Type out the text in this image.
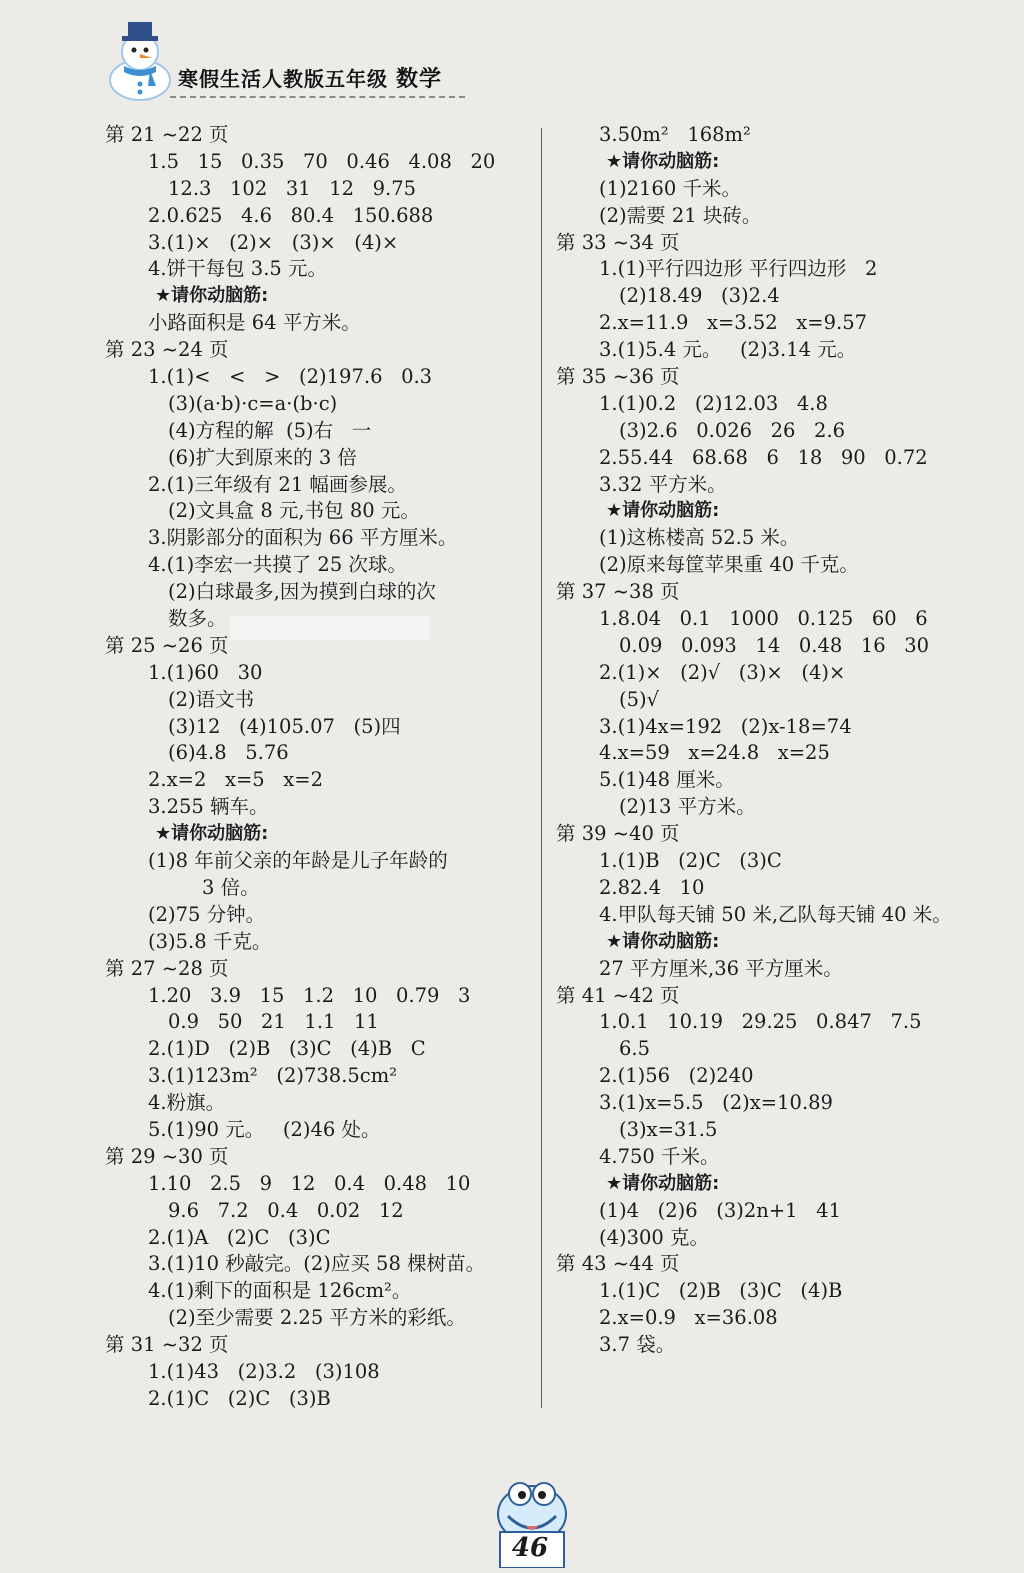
寒假生活人教版五年级 数学
第 21 ~22 页
1.5   15   0.35   70   0.46   4.08   20
12.3   102   31   12   9.75
2.0.625   4.6   80.4   150.688
3.(1)×   (2)×   (3)×   (4)×
4.饼干每包 3.5 元。
★请你动脑筋:
小路面积是 64 平方米。
第 23 ~24 页
1.(1)<   <   >   (2)197.6   0.3
(3)(a·b)·c=a·(b·c)
(4)方程的解  (5)右   一
(6)扩大到原来的 3 倍
2.(1)三年级有 21 幅画参展。
(2)文具盒 8 元,书包 80 元。
3.阴影部分的面积为 66 平方厘米。
4.(1)李宏一共摸了 25 次球。
(2)白球最多,因为摸到白球的次
数多。
第 25 ~26 页
1.(1)60   30
(2)语文书
(3)12   (4)105.07   (5)四
(6)4.8   5.76
2.x=2   x=5   x=2
3.255 辆车。
★请你动脑筋:
(1)8 年前父亲的年龄是儿子年龄的
3 倍。
(2)75 分钟。
(3)5.8 千克。
第 27 ~28 页
1.20   3.9   15   1.2   10   0.79   3
0.9   50   21   1.1   11
2.(1)D   (2)B   (3)C   (4)B   C
3.(1)123m²   (2)738.5cm²
4.粉旗。
5.(1)90 元。   (2)46 处。
第 29 ~30 页
1.10   2.5   9   12   0.4   0.48   10
9.6   7.2   0.4   0.02   12
2.(1)A   (2)C   (3)C
3.(1)10 秒敲完。(2)应买 58 棵树苗。
4.(1)剩下的面积是 126cm²。
(2)至少需要 2.25 平方米的彩纸。
第 31 ~32 页
1.(1)43   (2)3.2   (3)108
2.(1)C   (2)C   (3)B
3.50m²   168m²
★请你动脑筋:
(1)2160 千米。
(2)需要 21 块砖。
第 33 ~34 页
1.(1)平行四边形 平行四边形   2
(2)18.49   (3)2.4
2.x=11.9   x=3.52   x=9.57
3.(1)5.4 元。   (2)3.14 元。
第 35 ~36 页
1.(1)0.2   (2)12.03   4.8
(3)2.6   0.026   26   2.6
2.55.44   68.68   6   18   90   0.72
3.32 平方米。
★请你动脑筋:
(1)这栋楼高 52.5 米。
(2)原来每筐苹果重 40 千克。
第 37 ~38 页
1.8.04   0.1   1000   0.125   60   6
0.09   0.093   14   0.48   16   30
2.(1)×   (2)√   (3)×   (4)×
(5)√
3.(1)4x=192   (2)x-18=74
4.x=59   x=24.8   x=25
5.(1)48 厘米。
(2)13 平方米。
第 39 ~40 页
1.(1)B   (2)C   (3)C
2.82.4   10
4.甲队每天铺 50 米,乙队每天铺 40 米。
★请你动脑筋:
27 平方厘米,36 平方厘米。
第 41 ~42 页
1.0.1   10.19   29.25   0.847   7.5
6.5
2.(1)56   (2)240
3.(1)x=5.5   (2)x=10.89
(3)x=31.5
4.750 千米。
★请你动脑筋:
(1)4   (2)6   (3)2n+1   41
(4)300 克。
第 43 ~44 页
1.(1)C   (2)B   (3)C   (4)B
2.x=0.9   x=36.08
3.7 袋。
46
